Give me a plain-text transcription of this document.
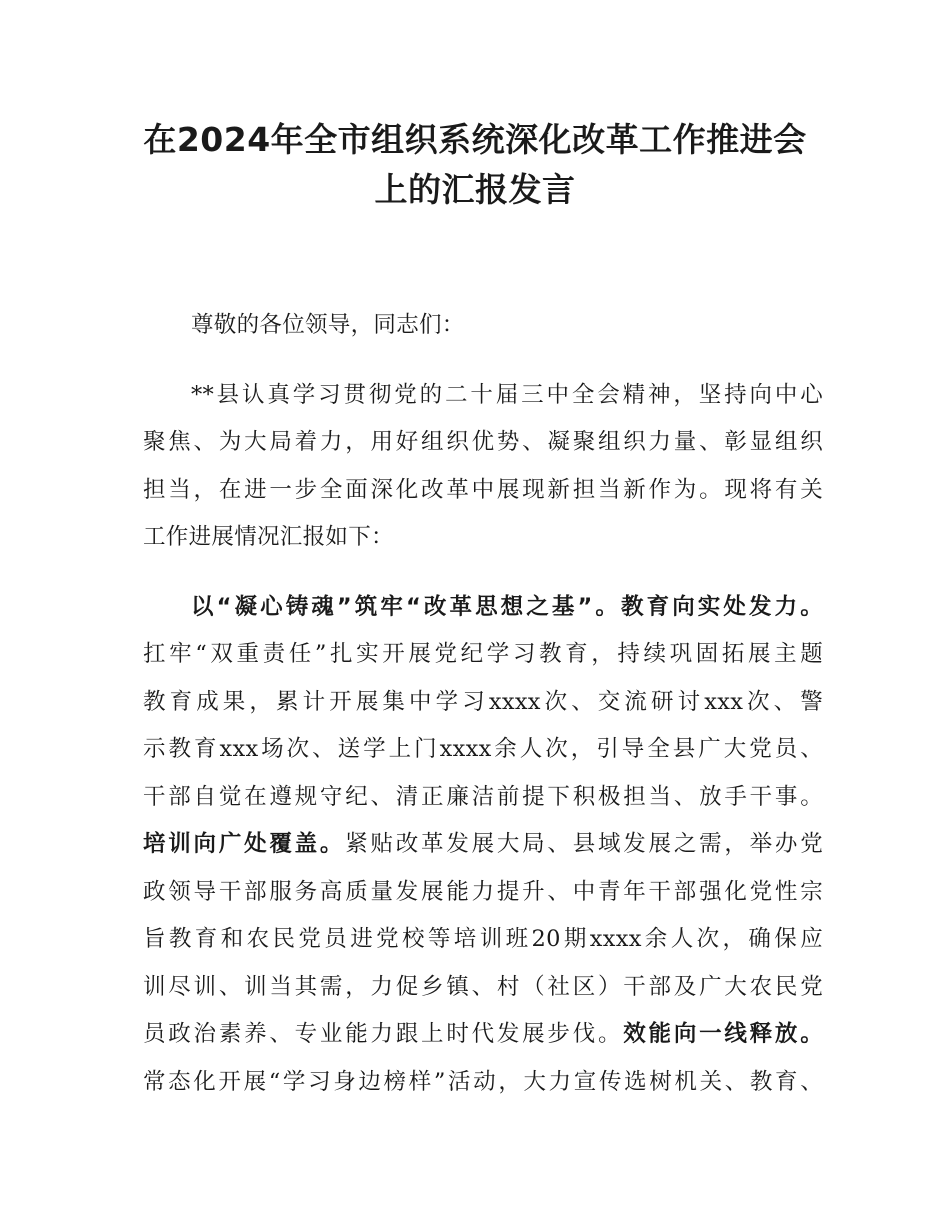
在2024年全市组织系统深化改革工作推进会
上的汇报发言
尊敬的各位领导，同志们：
**县认真学习贯彻党的二十届三中全会精神，坚持向中心
聚焦、为大局着力，用好组织优势、凝聚组织力量、彰显组织
担当，在进一步全面深化改革中展现新担当新作为。现将有关
工作进展情况汇报如下：
以“凝心铸魂”筑牢“改革思想之基”。教育向实处发力。
扛牢“双重责任”扎实开展党纪学习教育，持续巩固拓展主题
教育成果，累计开展集中学习xxxx次、交流研讨xxx次、警
示教育xxx场次、送学上门xxxx余人次，引导全县广大党员、
干部自觉在遵规守纪、清正廉洁前提下积极担当、放手干事。
培训向广处覆盖。紧贴改革发展大局、县域发展之需，举办党
政领导干部服务高质量发展能力提升、中青年干部强化党性宗
旨教育和农民党员进党校等培训班20期xxxx余人次，确保应
训尽训、训当其需，力促乡镇、村（社区）干部及广大农民党
员政治素养、专业能力跟上时代发展步伐。效能向一线释放。
常态化开展“学习身边榜样”活动，大力宣传选树机关、教育、
